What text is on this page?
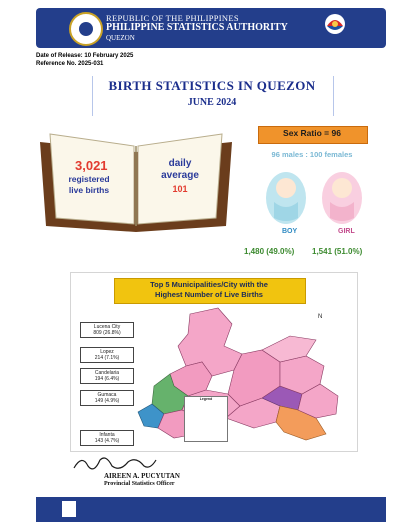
REPUBLIC OF THE PHILIPPINES
PHILIPPINE STATISTICS AUTHORITY
QUEZON
Date of Release: 10 February 2025
Reference No. 2025-031
BIRTH STATISTICS IN QUEZON
JUNE 2024
3,021
registered
live births
daily
average
101
Sex Ratio = 96
96 males : 100 females
BOY	GIRL
1,480 (49.0%) 1,541 (51.0%)
Top 5 Municipalities/City with the
Highest Number of Live Births
N
Lucena City
809 (26.8%)
Lopez
214 (7.1%)
Candelaria
194 (6.4%)
Gumaca
149 (4.9%)
Infanta
143 (4.7%)
Legend
AIREEN A. PUCYUTAN
Provincial Statistics Officer
